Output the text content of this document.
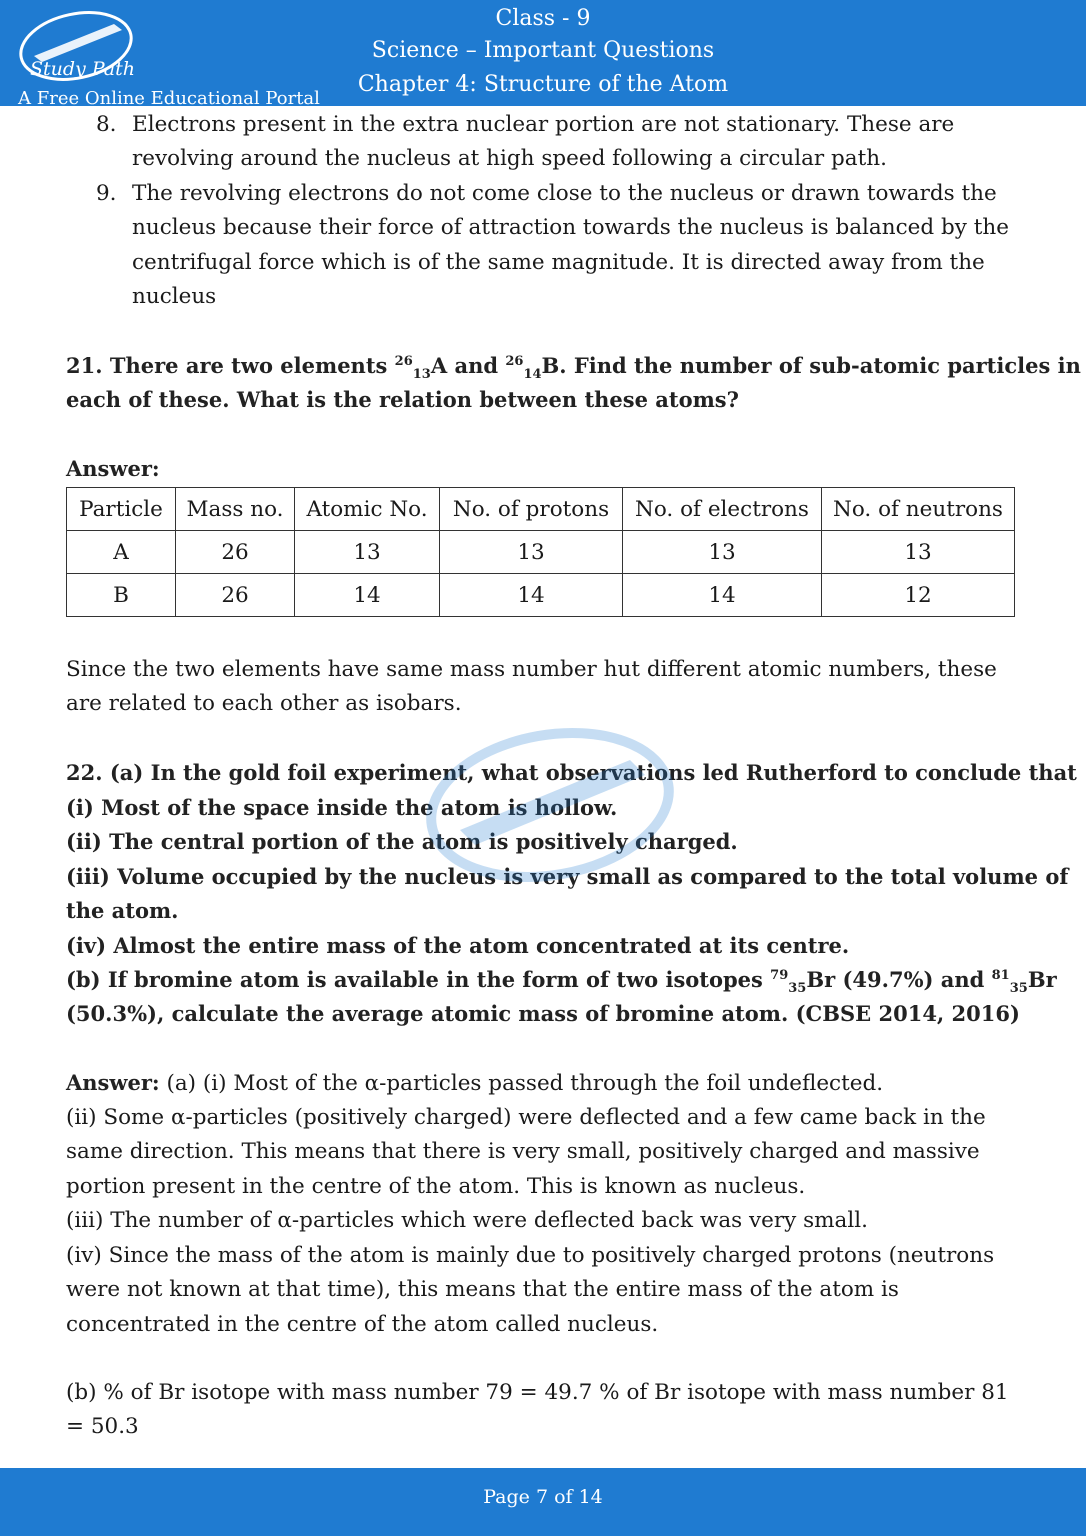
Study Path
A Free Online Educational Portal
Class - 9
Science – Important Questions
Chapter 4: Structure of the Atom
8. Electrons present in the extra nuclear portion are not stationary. These are
revolving around the nucleus at high speed following a circular path.
9. The revolving electrons do not come close to the nucleus or drawn towards the
nucleus because their force of attraction towards the nucleus is balanced by the
centrifugal force which is of the same magnitude. It is directed away from the
nucleus
21. There are two elements $^{26}_{13}$A and $^{26}_{14}$B. Find the number of sub-atomic particles in
each of these. What is the relation between these atoms?
Answer:
Particle	Mass no.	Atomic No.	No. of protons	No. of electrons	No. of neutrons
A	26	13	13	13	13
B	26	14	14	14	12
Since the two elements have same mass number hut different atomic numbers, these
are related to each other as isobars.
22. (a) In the gold foil experiment, what observations led Rutherford to conclude that
(i) Most of the space inside the atom is hollow.
(ii) The central portion of the atom is positively charged.
(iii) Volume occupied by the nucleus is very small as compared to the total volume of
the atom.
(iv) Almost the entire mass of the atom concentrated at its centre.
(b) If bromine atom is available in the form of two isotopes $^{79}_{35}$Br (49.7%) and $^{81}_{35}$Br
(50.3%), calculate the average atomic mass of bromine atom. (CBSE 2014, 2016)
Answer: (a) (i) Most of the α-particles passed through the foil undeflected.
(ii) Some α-particles (positively charged) were deflected and a few came back in the
same direction. This means that there is very small, positively charged and massive
portion present in the centre of the atom. This is known as nucleus.
(iii) The number of α-particles which were deflected back was very small.
(iv) Since the mass of the atom is mainly due to positively charged protons (neutrons
were not known at that time), this means that the entire mass of the atom is
concentrated in the centre of the atom called nucleus.
(b) % of Br isotope with mass number 79 = 49.7 % of Br isotope with mass number 81
= 50.3
Page 7 of 14
